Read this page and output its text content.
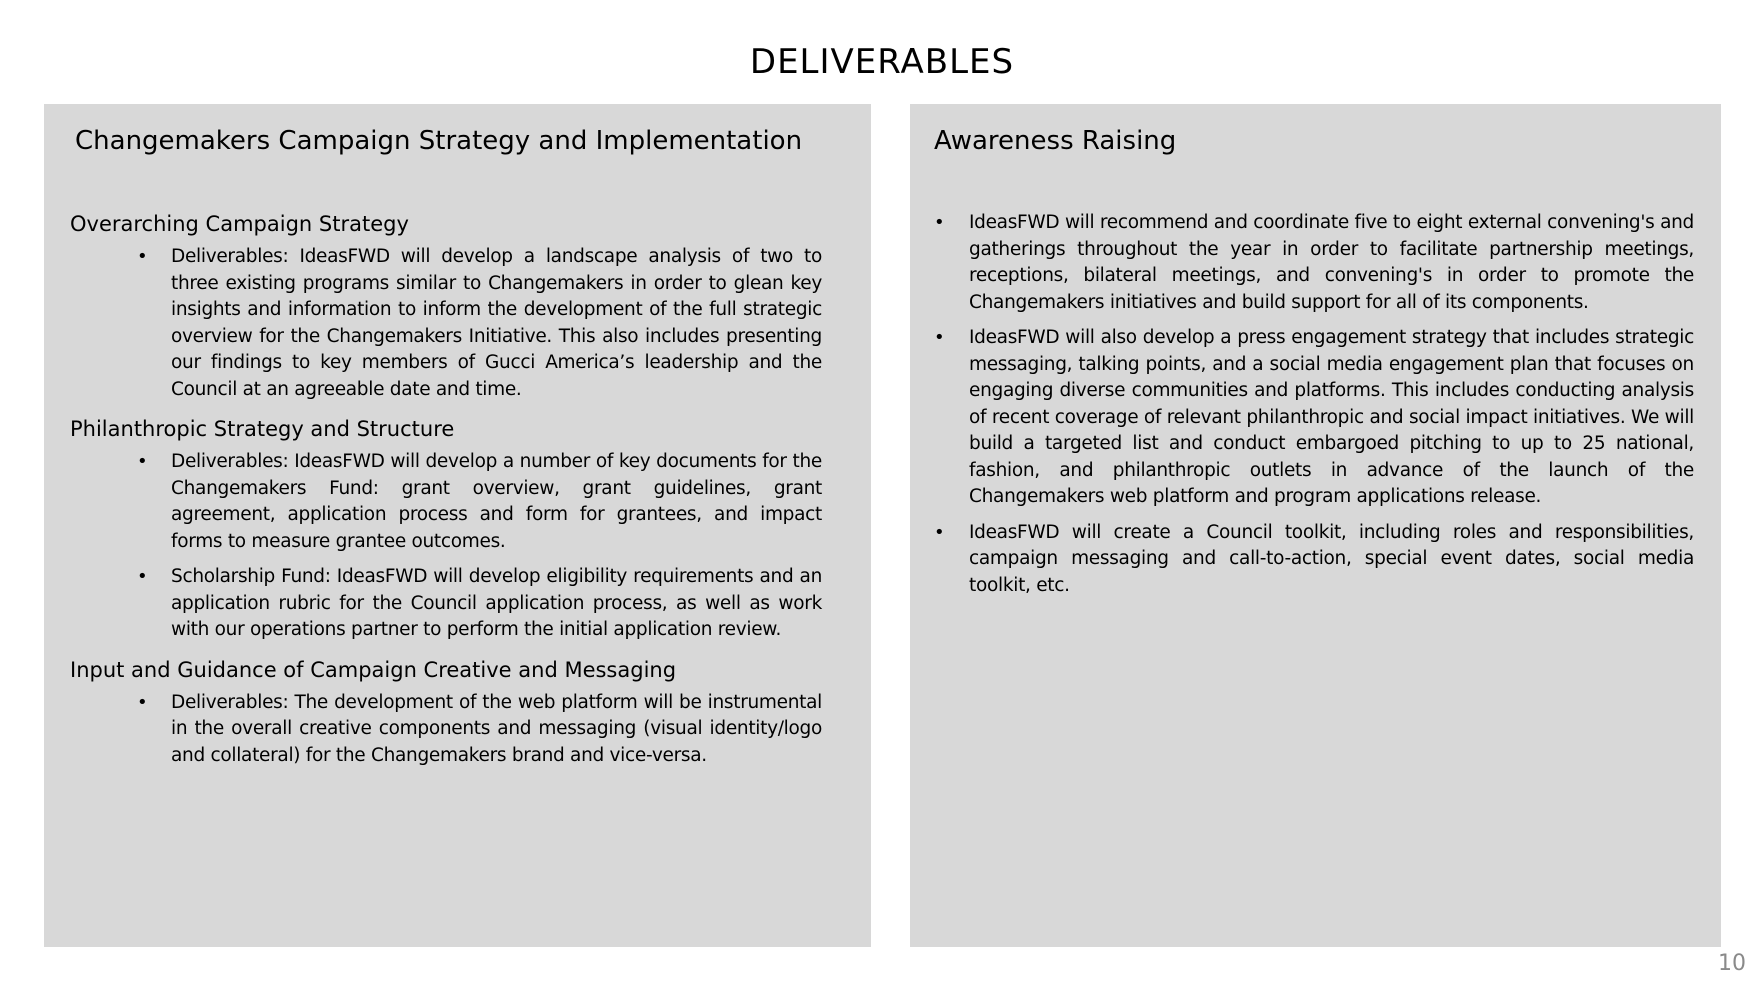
DELIVERABLES
Changemakers Campaign Strategy and Implementation
Overarching Campaign Strategy
• Deliverables: IdeasFWD will develop a landscape analysis of two to three existing programs similar to Changemakers in order to glean key insights and information to inform the development of the full strategic overview for the Changemakers Initiative. This also includes presenting our findings to key members of Gucci America’s leadership and the Council at an agreeable date and time.
Philanthropic Strategy and Structure
• Deliverables: IdeasFWD will develop a number of key documents for the Changemakers Fund: grant overview, grant guidelines, grant agreement, application process and form for grantees, and impact forms to measure grantee outcomes.
• Scholarship Fund: IdeasFWD will develop eligibility requirements and an application rubric for the Council application process, as well as work with our operations partner to perform the initial application review.
Input and Guidance of Campaign Creative and Messaging
• Deliverables: The development of the web platform will be instrumental in the overall creative components and messaging (visual identity/logo and collateral) for the Changemakers brand and vice-versa.
Awareness Raising
• IdeasFWD will recommend and coordinate five to eight external convening's and gatherings throughout the year in order to facilitate partnership meetings, receptions, bilateral meetings, and convening's in order to promote the Changemakers initiatives and build support for all of its components.
• IdeasFWD will also develop a press engagement strategy that includes strategic messaging, talking points, and a social media engagement plan that focuses on engaging diverse communities and platforms. This includes conducting analysis of recent coverage of relevant philanthropic and social impact initiatives. We will build a targeted list and conduct embargoed pitching to up to 25 national, fashion, and philanthropic outlets in advance of the launch of the Changemakers web platform and program applications release.
• IdeasFWD will create a Council toolkit, including roles and responsibilities, campaign messaging and call-to-action, special event dates, social media toolkit, etc.
10
